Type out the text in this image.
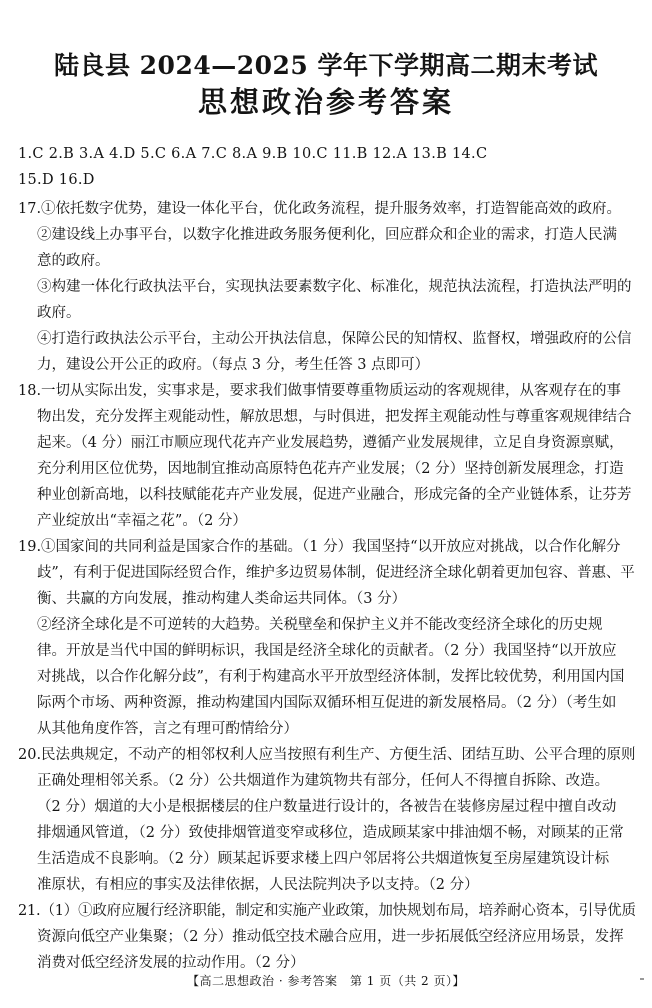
陆良县 2024—2025 学年下学期高二期末考试
思想政治参考答案
1.C 2.B 3.A 4.D 5.C 6.A 7.C 8.A 9.B 10.C 11.B 12.A 13.B 14.C
15.D 16.D
17.①依托数字优势，建设一体化平台，优化政务流程，提升服务效率，打造智能高效的政府。
②建设线上办事平台，以数字化推进政务服务便利化，回应群众和企业的需求，打造人民满
意的政府。
③构建一体化行政执法平台，实现执法要素数字化、标准化，规范执法流程，打造执法严明的
政府。
④打造行政执法公示平台，主动公开执法信息，保障公民的知情权、监督权，增强政府的公信
力，建设公开公正的政府。（每点 3 分，考生任答 3 点即可）
18.一切从实际出发，实事求是，要求我们做事情要尊重物质运动的客观规律，从客观存在的事
物出发，充分发挥主观能动性，解放思想，与时俱进，把发挥主观能动性与尊重客观规律结合
起来。（4 分）丽江市顺应现代花卉产业发展趋势，遵循产业发展规律，立足自身资源禀赋，
充分利用区位优势，因地制宜推动高原特色花卉产业发展；（2 分）坚持创新发展理念，打造
种业创新高地，以科技赋能花卉产业发展，促进产业融合，形成完备的全产业链体系，让芬芳
产业绽放出“幸福之花”。（2 分）
19.①国家间的共同利益是国家合作的基础。（1 分）我国坚持“以开放应对挑战，以合作化解分
歧”，有利于促进国际经贸合作，维护多边贸易体制，促进经济全球化朝着更加包容、普惠、平
衡、共赢的方向发展，推动构建人类命运共同体。（3 分）
②经济全球化是不可逆转的大趋势。关税壁垒和保护主义并不能改变经济全球化的历史规
律。开放是当代中国的鲜明标识，我国是经济全球化的贡献者。（2 分）我国坚持“以开放应
对挑战，以合作化解分歧”，有利于构建高水平开放型经济体制，发挥比较优势，利用国内国
际两个市场、两种资源，推动构建国内国际双循环相互促进的新发展格局。（2 分）（考生如
从其他角度作答，言之有理可酌情给分）
20.民法典规定，不动产的相邻权利人应当按照有利生产、方便生活、团结互助、公平合理的原则
正确处理相邻关系。（2 分）公共烟道作为建筑物共有部分，任何人不得擅自拆除、改造。
（2 分）烟道的大小是根据楼层的住户数量进行设计的，各被告在装修房屋过程中擅自改动
排烟通风管道，（2 分）致使排烟管道变窄或移位，造成顾某家中排油烟不畅，对顾某的正常
生活造成不良影响。（2 分）顾某起诉要求楼上四户邻居将公共烟道恢复至房屋建筑设计标
准原状，有相应的事实及法律依据，人民法院判决予以支持。（2 分）
21.（1）①政府应履行经济职能，制定和实施产业政策，加快规划布局，培养耐心资本，引导优质
资源向低空产业集聚；（2 分）推动低空技术融合应用，进一步拓展低空经济应用场景，发挥
消费对低空经济发展的拉动作用。（2 分）
【高二思想政治 · 参考答案　第 1 页（共 2 页）】
